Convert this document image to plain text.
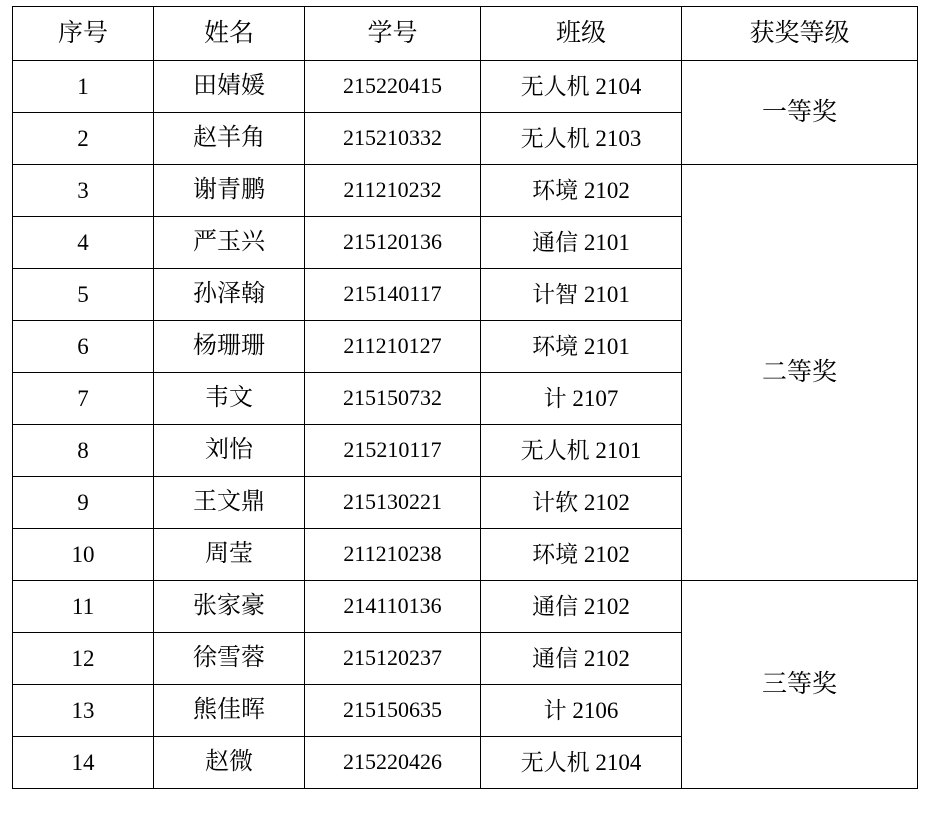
序号	姓名	学号	班级	获奖等级
1	田婧媛	215220415	无人机 2104	一等奖
2	赵羊角	215210332	无人机 2103	
3	谢青鹏	211210232	环境 2102	二等奖
4	严玉兴	215120136	通信 2101	
5	孙泽翰	215140117	计智 2101	
6	杨珊珊	211210127	环境 2101	
7	韦文	215150732	计 2107	
8	刘怡	215210117	无人机 2101	
9	王文鼎	215130221	计软 2102	
10	周莹	211210238	环境 2102	
11	张家豪	214110136	通信 2102	三等奖
12	徐雪蓉	215120237	通信 2102	
13	熊佳晖	215150635	计 2106	
14	赵微	215220426	无人机 2104	
